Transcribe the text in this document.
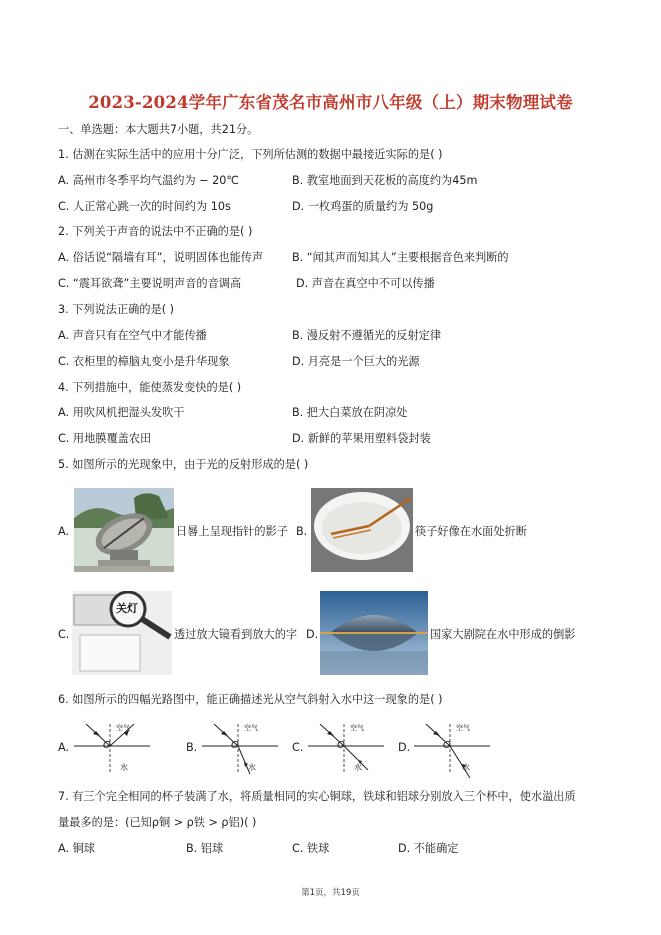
2023-2024学年广东省茂名市高州市八年级（上）期末物理试卷
一、单选题：本大题共7小题，共21分。
1. 估测在实际生活中的应用十分广泛，下列所估测的数据中最接近实际的是( )
A. 高州市冬季平均气温约为 − 20℃	B. 教室地面到天花板的高度约为45m
C. 人正常心跳一次的时间约为 10s	D. 一枚鸡蛋的质量约为 50g
2. 下列关于声音的说法中不正确的是( )
A. 俗话说“隔墙有耳”，说明固体也能传声	B. “闻其声而知其人”主要根据音色来判断的
C. “震耳欲聋”主要说明声音的音调高	D. 声音在真空中不可以传播
3. 下列说法正确的是( )
A. 声音只有在空气中才能传播	B. 漫反射不遵循光的反射定律
C. 衣柜里的樟脑丸变小是升华现象	D. 月亮是一个巨大的光源
4. 下列措施中，能使蒸发变快的是( )
A. 用吹风机把湿头发吹干	B. 把大白菜放在阴凉处
C. 用地膜覆盖农田	D. 新鲜的苹果用塑料袋封装
5. 如图所示的光现象中，由于光的反射形成的是( )
A.	日晷上呈现指针的影子 B.	筷子好像在水面处折断
C.
关灯
透过放大镜看到放大的字 D.	国家大剧院在水中形成的倒影
6. 如图所示的四幅光路图中，能正确描述光从空气斜射入水中这一现象的是( )
A.	O
空气
水
B.	O
空气
水
C.	O
空气
水
D.	O
空气
水
7. 有三个完全相同的杯子装满了水，将质量相同的实心铜球，铁球和铝球分别放入三个杯中，使水溢出质
量最多的是：(已知ρ铜 > ρ铁 > ρ铝)( )
A. 铜球	B. 铝球	C. 铁球	D. 不能确定
第1页，共19页
